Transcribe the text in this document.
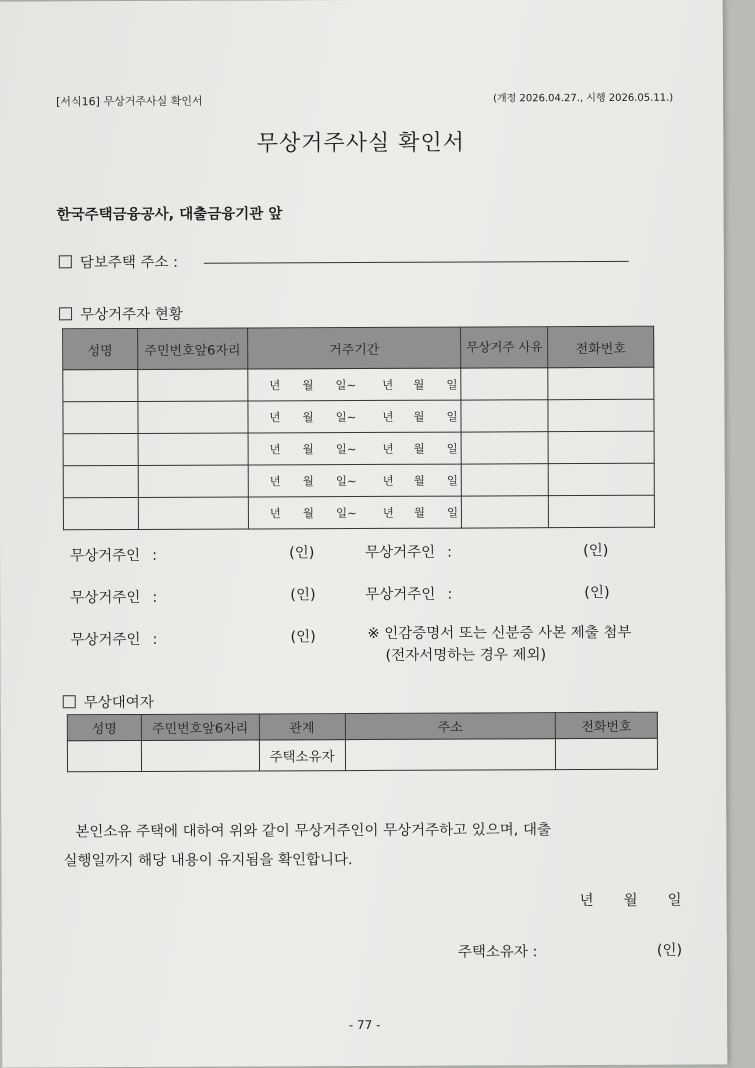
[서식16] 무상거주사실 확인서	(개정 2026.04.27., 시행 2026.05.11.)
무상거주사실 확인서
한국주택금융공사, 대출금융기관 앞
담보주택 주소 :
무상거주자 현황
성명	주민번호앞6자리	거주기간	무상거주 사유	전화번호
		년 월 일~ 년 월 일		
		년 월 일~ 년 월 일		
		년 월 일~ 년 월 일		
		년 월 일~ 년 월 일		
		년 월 일~ 년 월 일		
무상거주인 :	(인)	무상거주인 :	(인)
무상거주인 :	(인)	무상거주인 :	(인)
무상거주인 :	(인)	※ 인감증명서 또는 신분증 사본 제출 첨부
(전자서명하는 경우 제외)
무상대여자
성명	주민번호앞6자리	관계	주소	전화번호
		주택소유자		
본인소유 주택에 대하여 위와 같이 무상거주인이 무상거주하고 있으며, 대출
실행일까지 해당 내용이 유지됨을 확인합니다.
년 월 일
주택소유자 :	(인)
- 77 -
